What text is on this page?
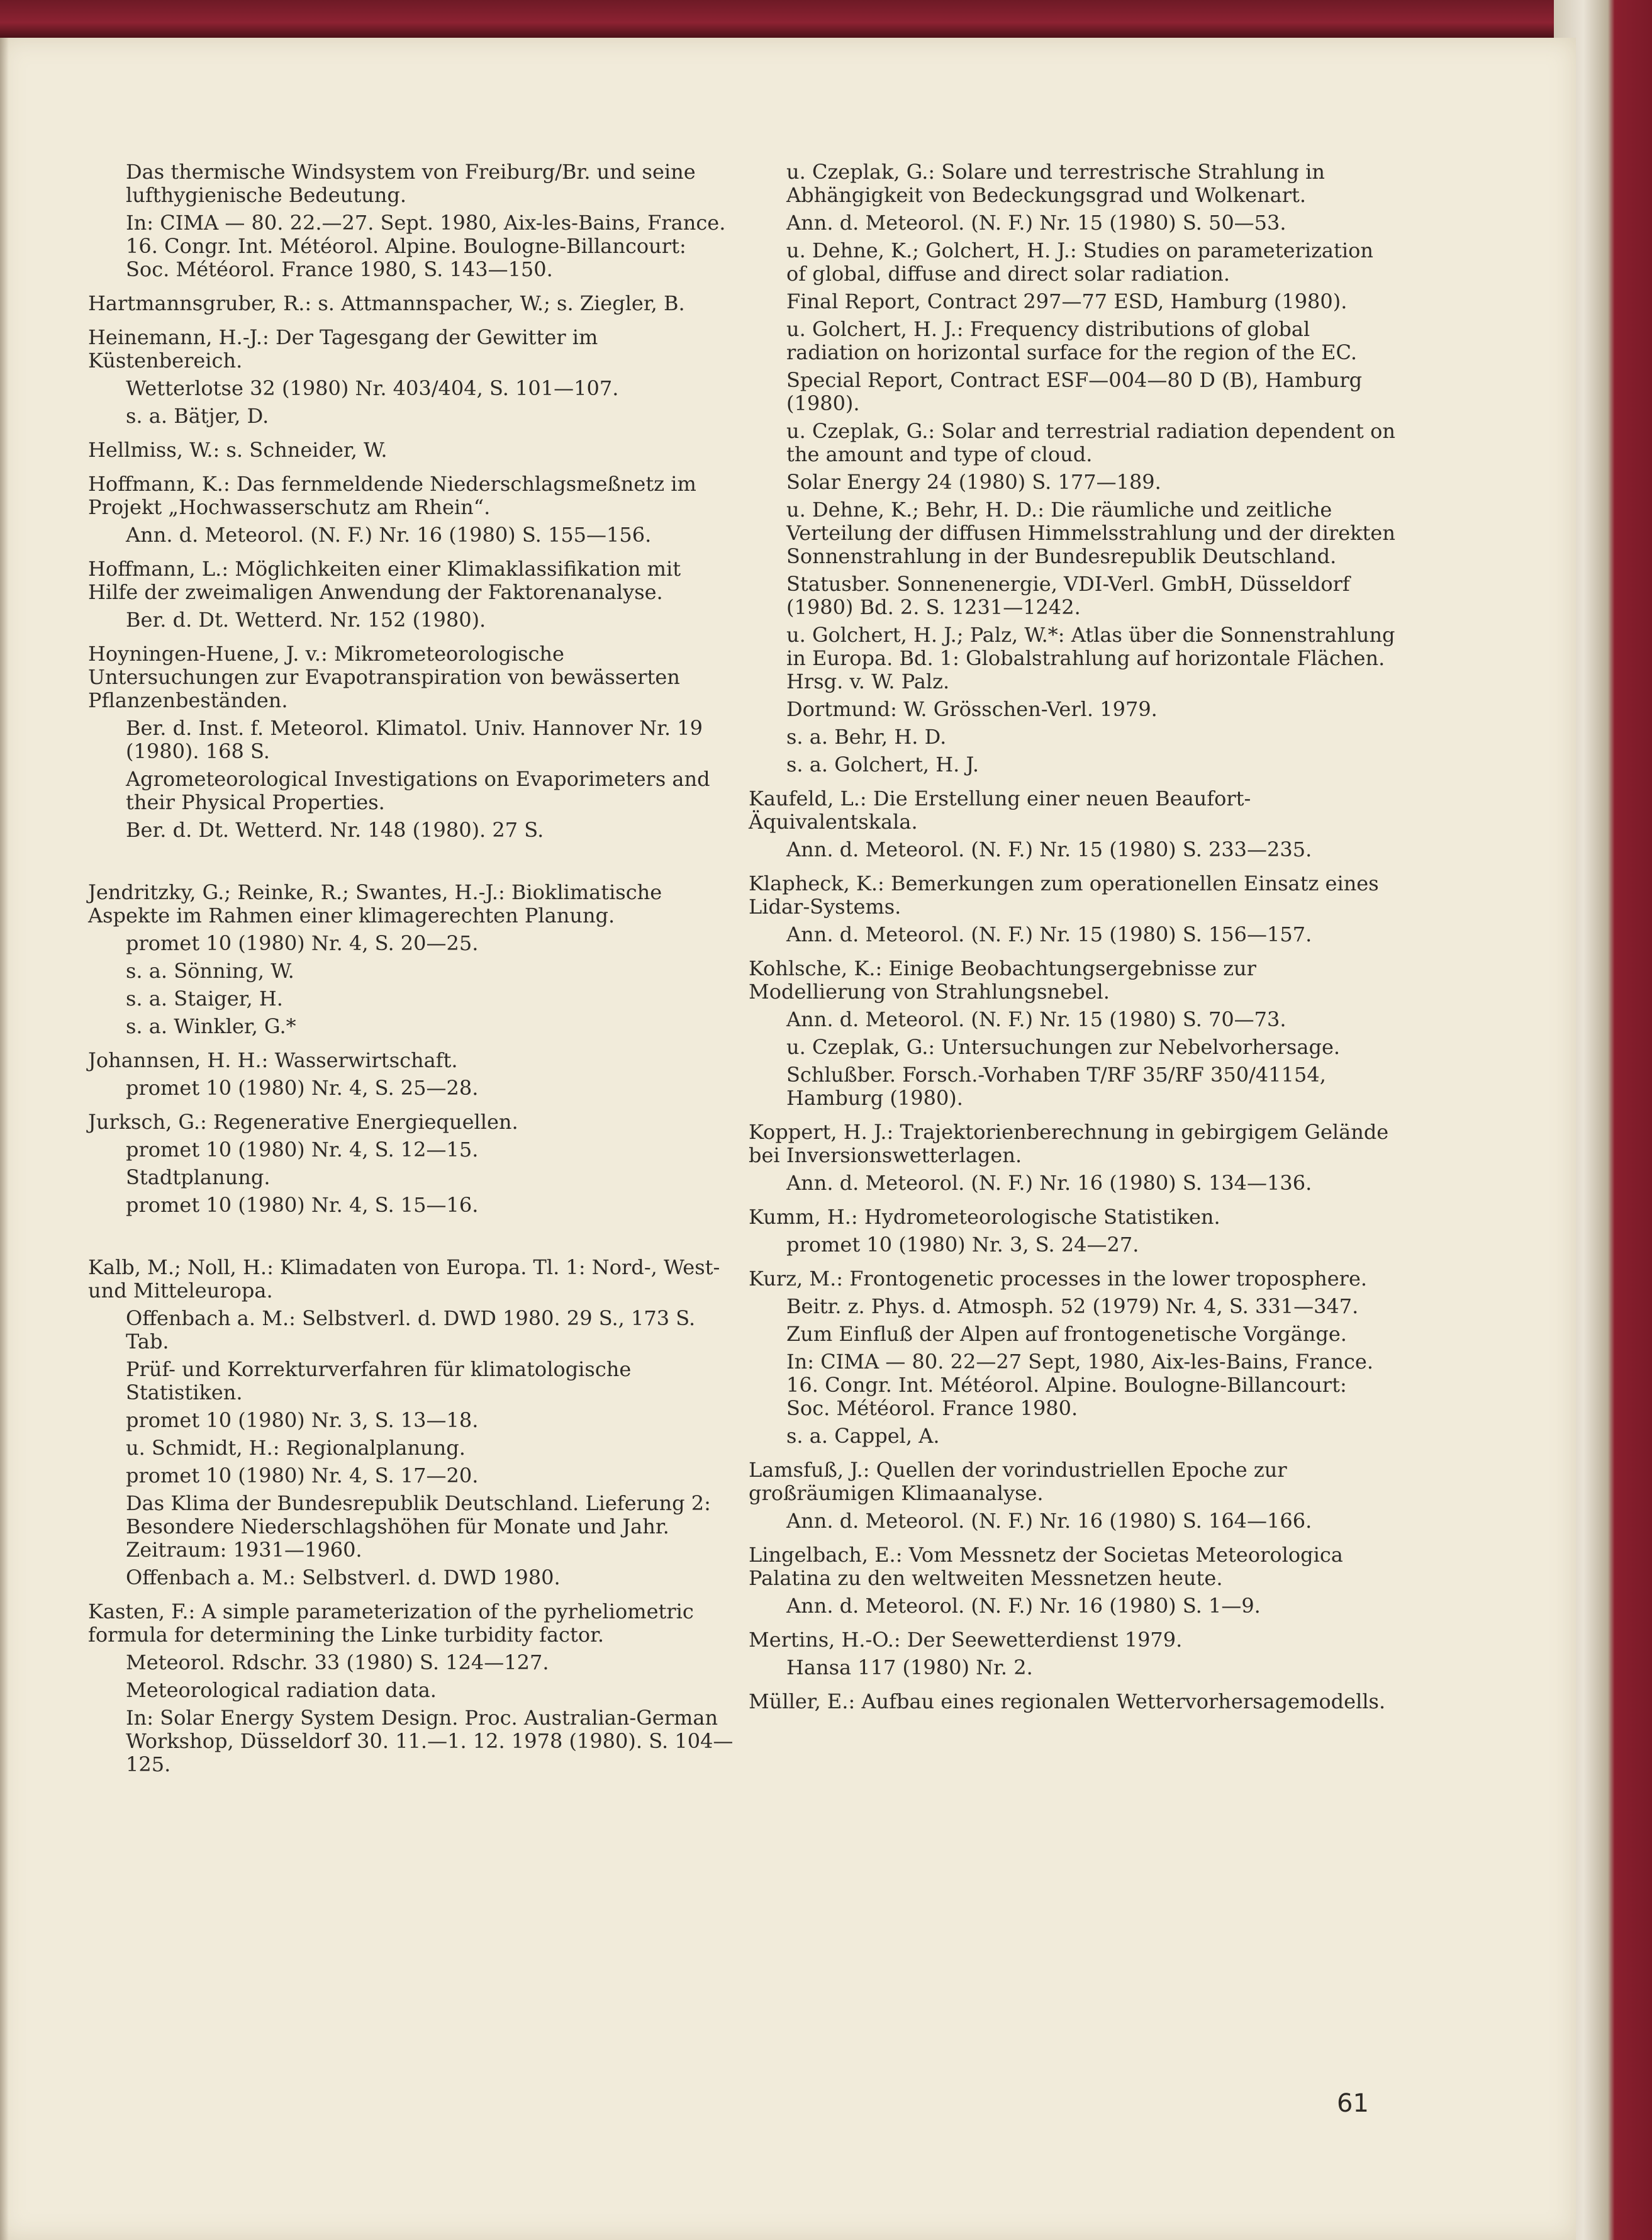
Das thermische Windsystem von Freiburg/Br. und seine lufthygienische Bedeutung.
In: CIMA — 80. 22.—27. Sept. 1980, Aix-les-Bains, France. 16. Congr. Int. Météorol. Alpine. Boulogne-Billancourt: Soc. Météorol. France 1980, S. 143—150.
Hartmannsgruber, R.: s. Attmannspacher, W.; s. Ziegler, B.
Heinemann, H.-J.: Der Tagesgang der Gewitter im Küstenbereich.
Wetterlotse 32 (1980) Nr. 403/404, S. 101—107.
s. a. Bätjer, D.
Hellmiss, W.: s. Schneider, W.
Hoffmann, K.: Das fernmeldende Niederschlagsmeßnetz im Projekt „Hochwasserschutz am Rhein“.
Ann. d. Meteorol. (N. F.) Nr. 16 (1980) S. 155—156.
Hoffmann, L.: Möglichkeiten einer Klimaklassifikation mit Hilfe der zweimaligen Anwendung der Faktorenanalyse.
Ber. d. Dt. Wetterd. Nr. 152 (1980).
Hoyningen-Huene, J. v.: Mikrometeorologische Untersuchungen zur Evapotranspiration von bewässerten Pflanzenbeständen.
Ber. d. Inst. f. Meteorol. Klimatol. Univ. Hannover Nr. 19 (1980). 168 S.
Agrometeorological Investigations on Evaporimeters and their Physical Properties.
Ber. d. Dt. Wetterd. Nr. 148 (1980). 27 S.
Jendritzky, G.; Reinke, R.; Swantes, H.-J.: Bioklimatische Aspekte im Rahmen einer klimagerechten Planung.
promet 10 (1980) Nr. 4, S. 20—25.
s. a. Sönning, W.
s. a. Staiger, H.
s. a. Winkler, G.*
Johannsen, H. H.: Wasserwirtschaft.
promet 10 (1980) Nr. 4, S. 25—28.
Jurksch, G.: Regenerative Energiequellen.
promet 10 (1980) Nr. 4, S. 12—15.
Stadtplanung.
promet 10 (1980) Nr. 4, S. 15—16.
Kalb, M.; Noll, H.: Klimadaten von Europa. Tl. 1: Nord-, West- und Mitteleuropa.
Offenbach a. M.: Selbstverl. d. DWD 1980. 29 S., 173 S. Tab.
Prüf- und Korrekturverfahren für klimatologische Statistiken.
promet 10 (1980) Nr. 3, S. 13—18.
u. Schmidt, H.: Regionalplanung.
promet 10 (1980) Nr. 4, S. 17—20.
Das Klima der Bundesrepublik Deutschland. Lieferung 2: Besondere Niederschlagshöhen für Monate und Jahr. Zeitraum: 1931—1960.
Offenbach a. M.: Selbstverl. d. DWD 1980.
Kasten, F.: A simple parameterization of the pyrheliometric formula for determining the Linke turbidity factor.
Meteorol. Rdschr. 33 (1980) S. 124—127.
Meteorological radiation data.
In: Solar Energy System Design. Proc. Australian-German Workshop, Düsseldorf 30. 11.—1. 12. 1978 (1980). S. 104—125.
u. Czeplak, G.: Solare und terrestrische Strahlung in Abhängigkeit von Bedeckungsgrad und Wolkenart.
Ann. d. Meteorol. (N. F.) Nr. 15 (1980) S. 50—53.
u. Dehne, K.; Golchert, H. J.: Studies on parameterization of global, diffuse and direct solar radiation.
Final Report, Contract 297—77 ESD, Hamburg (1980).
u. Golchert, H. J.: Frequency distributions of global radiation on horizontal surface for the region of the EC.
Special Report, Contract ESF—004—80 D (B), Hamburg (1980).
u. Czeplak, G.: Solar and terrestrial radiation dependent on the amount and type of cloud.
Solar Energy 24 (1980) S. 177—189.
u. Dehne, K.; Behr, H. D.: Die räumliche und zeitliche Verteilung der diffusen Himmelsstrahlung und der direkten Sonnenstrahlung in der Bundesrepublik Deutschland.
Statusber. Sonnenenergie, VDI-Verl. GmbH, Düsseldorf (1980) Bd. 2. S. 1231—1242.
u. Golchert, H. J.; Palz, W.*: Atlas über die Sonnenstrahlung in Europa. Bd. 1: Globalstrahlung auf horizontale Flächen. Hrsg. v. W. Palz.
Dortmund: W. Grösschen-Verl. 1979.
s. a. Behr, H. D.
s. a. Golchert, H. J.
Kaufeld, L.: Die Erstellung einer neuen Beaufort-Äquivalentskala.
Ann. d. Meteorol. (N. F.) Nr. 15 (1980) S. 233—235.
Klapheck, K.: Bemerkungen zum operationellen Einsatz eines Lidar-Systems.
Ann. d. Meteorol. (N. F.) Nr. 15 (1980) S. 156—157.
Kohlsche, K.: Einige Beobachtungsergebnisse zur Modellierung von Strahlungsnebel.
Ann. d. Meteorol. (N. F.) Nr. 15 (1980) S. 70—73.
u. Czeplak, G.: Untersuchungen zur Nebelvorhersage.
Schlußber. Forsch.-Vorhaben T/RF 35/RF 350/41154, Hamburg (1980).
Koppert, H. J.: Trajektorienberechnung in gebirgigem Gelände bei Inversionswetterlagen.
Ann. d. Meteorol. (N. F.) Nr. 16 (1980) S. 134—136.
Kumm, H.: Hydrometeorologische Statistiken.
promet 10 (1980) Nr. 3, S. 24—27.
Kurz, M.: Frontogenetic processes in the lower troposphere.
Beitr. z. Phys. d. Atmosph. 52 (1979) Nr. 4, S. 331—347.
Zum Einfluß der Alpen auf frontogenetische Vorgänge.
In: CIMA — 80. 22—27 Sept, 1980, Aix-les-Bains, France. 16. Congr. Int. Météorol. Alpine. Boulogne-Billancourt: Soc. Météorol. France 1980.
s. a. Cappel, A.
Lamsfuß, J.: Quellen der vorindustriellen Epoche zur großräumigen Klimaanalyse.
Ann. d. Meteorol. (N. F.) Nr. 16 (1980) S. 164—166.
Lingelbach, E.: Vom Messnetz der Societas Meteorologica Palatina zu den weltweiten Messnetzen heute.
Ann. d. Meteorol. (N. F.) Nr. 16 (1980) S. 1—9.
Mertins, H.-O.: Der Seewetterdienst 1979.
Hansa 117 (1980) Nr. 2.
Müller, E.: Aufbau eines regionalen Wettervorhersagemodells.
61
